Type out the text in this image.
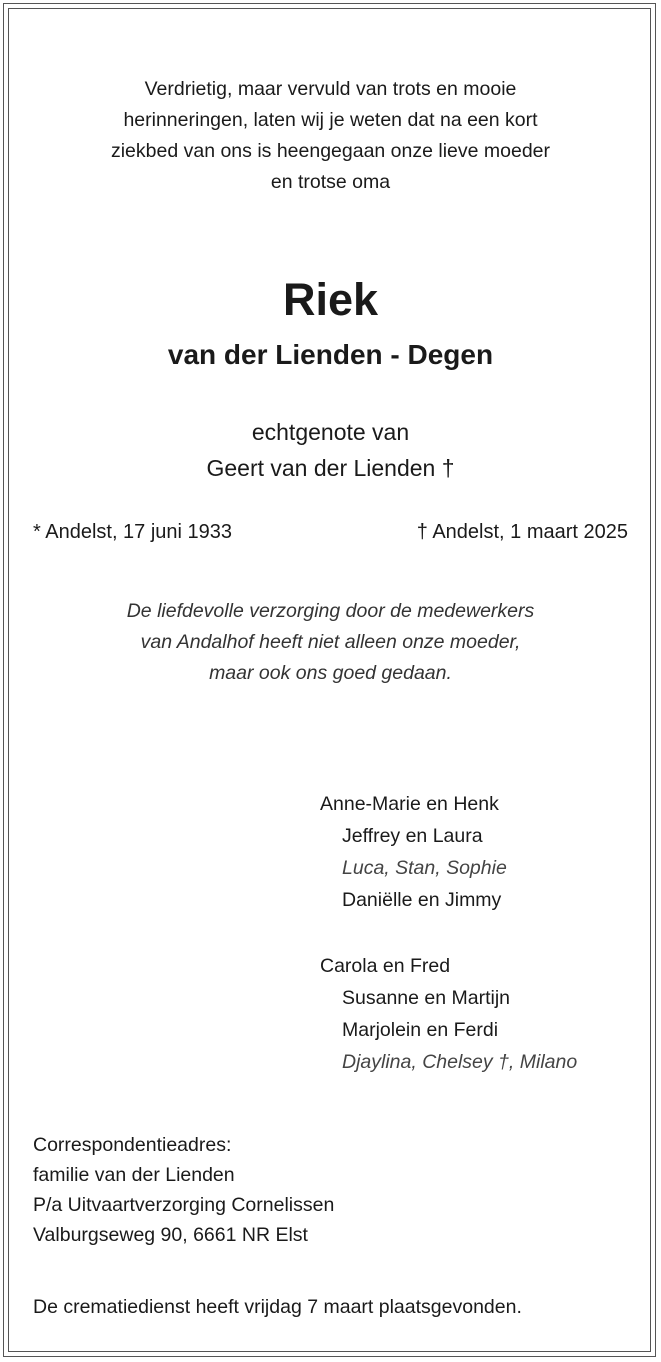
Verdrietig, maar vervuld van trots en mooie
herinneringen, laten wij je weten dat na een kort
ziekbed van ons is heengegaan onze lieve moeder
en trotse oma
Riek
van der Lienden - Degen
echtgenote van
Geert van der Lienden †
* Andelst, 17 juni 1933	† Andelst, 1 maart 2025
De liefdevolle verzorging door de medewerkers
van Andalhof heeft niet alleen onze moeder,
maar ook ons goed gedaan.
Anne-Marie en Henk
Jeffrey en Laura
Luca, Stan, Sophie
Daniëlle en Jimmy
Carola en Fred
Susanne en Martijn
Marjolein en Ferdi
Djaylina, Chelsey †, Milano
Correspondentieadres:
familie van der Lienden
P/a Uitvaartverzorging Cornelissen
Valburgseweg 90, 6661 NR Elst
De crematiedienst heeft vrijdag 7 maart plaatsgevonden.
